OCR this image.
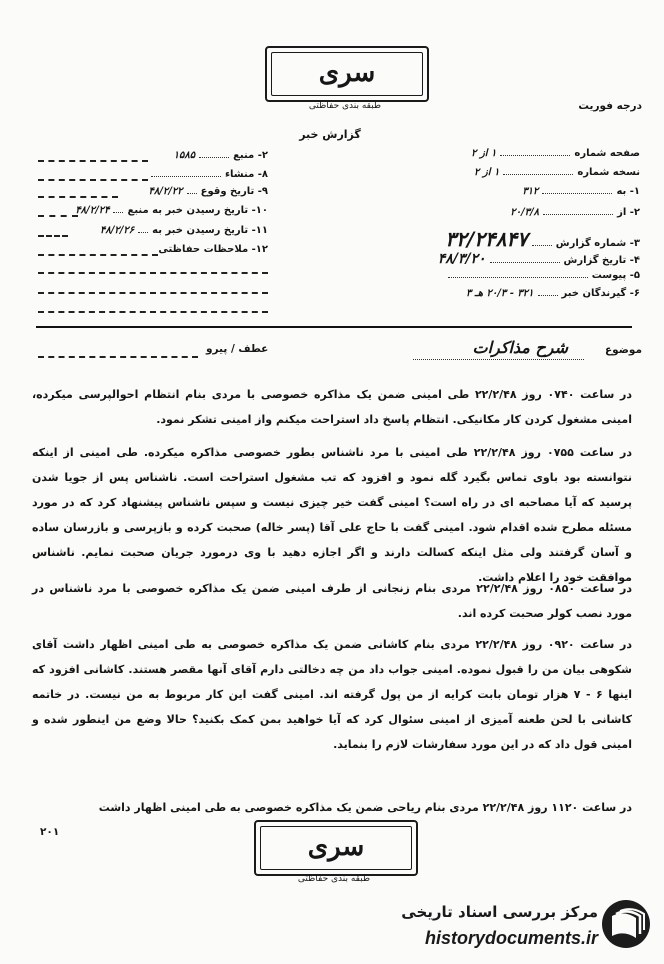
سری
طبقه بندی حفاظتی	درجه فوریت
گزارش خبر
صفحه شماره۱ از ۲
نسخه شماره۱ از ۲
۱- به۳۱۲
۲- از۲۰/۳/۸
۳- شماره گزارش۳۲/۲۴۸۴۷
۴- تاریخ گزارش۴۸/۳/۲۰
۵- پیوست
۶- گیرندگان خبر۳۲۱ - ۲۰/۳ هـ ۳
۲- منبع۱۵۸۵
۸- منشاء
۹- تاریخ وقوع۴۸/۲/۲۲
۱۰- تاریخ رسیدن خبر به منبع۴۸/۲/۲۴
۱۱- تاریخ رسیدن خبر به۴۸/۲/۲۶
۱۲- ملاحظات حفاظتی
موضوع
شرح مذاکرات
عطف / پیرو
در ساعت ۰۷۴۰ روز ۲۲/۲/۴۸ طی امینی ضمن یک مذاکره خصوصی با مردی بنام انتظام احوالپرسی میکرده، امینی مشغول کردن کار مکانیکی. انتظام پاسخ داد استراحت میکنم واز امینی تشکر نمود.
در ساعت ۰۷۵۵ روز ۲۲/۲/۴۸ طی امینی با مرد ناشناس بطور خصوصی مذاکره میکرده. طی امینی از اینکه نتوانسته بود باوی تماس بگیرد گله نمود و افزود که تب مشغول استراحت است. ناشناس پس از جویا شدن پرسید که آیا مصاحبه ای در راه است؟ امینی گفت خیر چیزی نیست و سپس ناشناس پیشنهاد کرد که در مورد مسئله مطرح شده اقدام شود. امینی گفت با حاج علی آقا (پسر خاله) صحبت کرده و بازپرسی و بازرسان ساده و آسان گرفتند ولی مثل اینکه کسالت دارند و اگر اجازه دهید با وی درمورد جریان صحبت نمایم. ناشناس موافقت خود را اعلام داشت.
در ساعت ۰۸۵۰ روز ۲۲/۲/۴۸ مردی بنام زنجانی از طرف امینی ضمن یک مذاکره خصوصی با مرد ناشناس در مورد نصب کولر صحبت کرده اند.
در ساعت ۰۹۲۰ روز ۲۲/۲/۴۸ مردی بنام کاشانی ضمن یک مذاکره خصوصی به طی امینی اظهار داشت آقای شکوهی بیان من را قبول نموده. امینی جواب داد من چه دخالتی دارم آقای آنها مقصر هستند. کاشانی افزود که اینها ۶ - ۷ هزار تومان بابت کرایه از من پول گرفته اند. امینی گفت این کار مربوط به من نیست. در خاتمه کاشانی با لحن طعنه آمیزی از امینی سئوال کرد که آیا خواهید بمن کمک بکنید؟ حالا وضع من اینطور شده و امینی قول داد که در این مورد سفارشات لازم را بنماید.
در ساعت ۱۱۲۰ روز ۲۲/۲/۴۸ مردی بنام ریاحی ضمن یک مذاکره خصوصی به طی امینی اظهار داشت
۲۰۱	سری
طبقه بندی حفاظتی
مرکز بررسی اسناد تاریخی
historydocuments.ir
